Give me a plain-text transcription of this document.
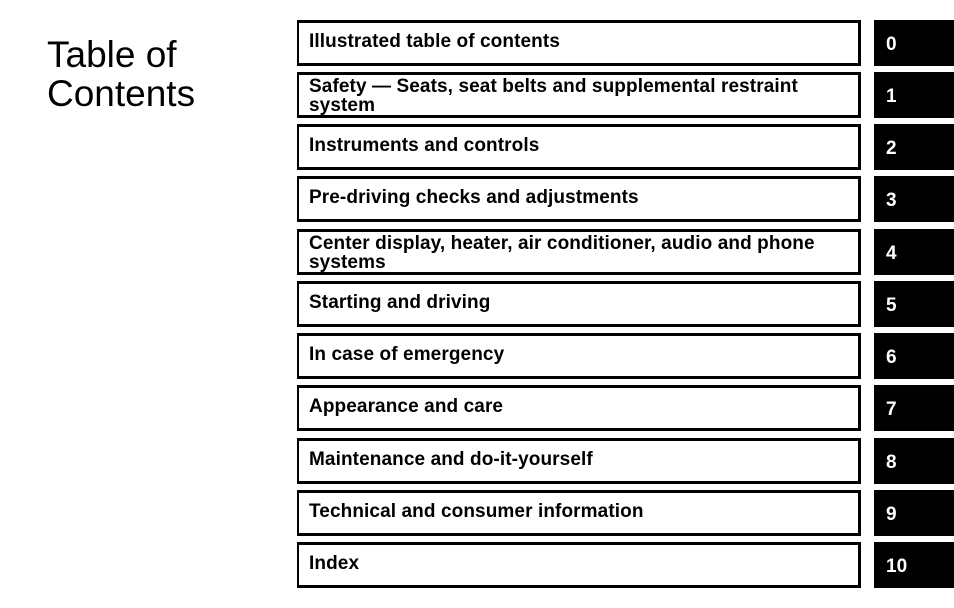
Table of
Contents
Illustrated table of contents	0
Safety — Seats, seat belts and supplemental restraint system	1
Instruments and controls	2
Pre-driving checks and adjustments	3
Center display, heater, air conditioner, audio and phone systems	4
Starting and driving	5
In case of emergency	6
Appearance and care	7
Maintenance and do-it-yourself	8
Technical and consumer information	9
Index	10
